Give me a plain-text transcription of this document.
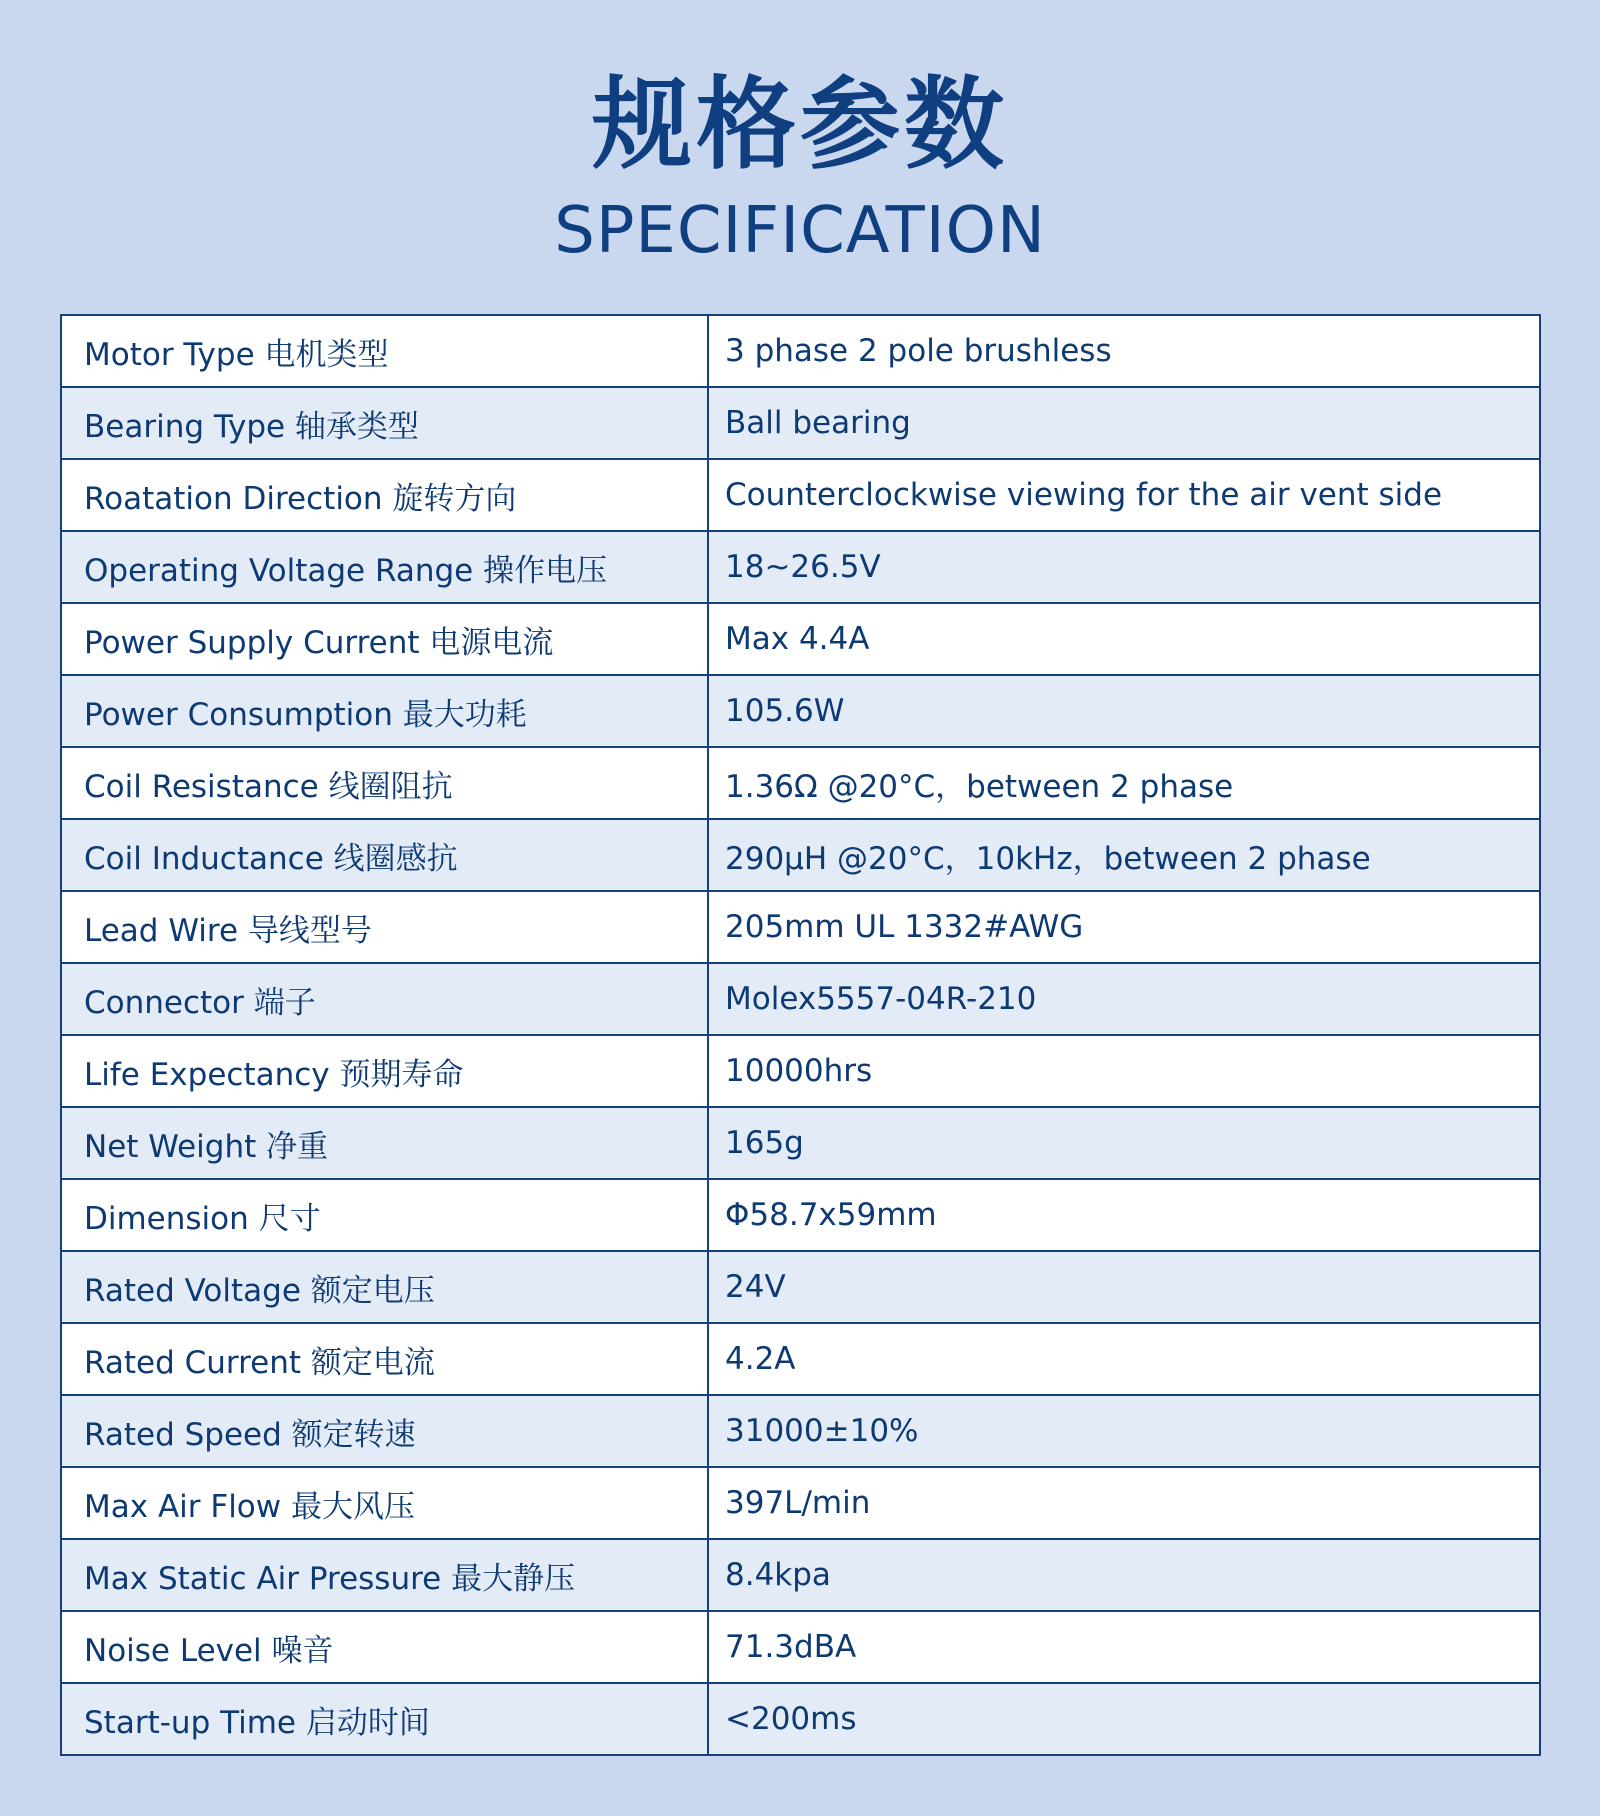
规格参数
SPECIFICATION
Motor Type 电机类型	3 phase 2 pole brushless
Bearing Type 轴承类型	Ball bearing
Roatation Direction 旋转方向	Counterclockwise viewing for the air vent side
Operating Voltage Range 操作电压	18~26.5V
Power Supply Current 电源电流	Max 4.4A
Power Consumption 最大功耗	105.6W
Coil Resistance 线圈阻抗	1.36Ω @20°C，between 2 phase
Coil Inductance 线圈感抗	290μH @20°C，10kHz，between 2 phase
Lead Wire 导线型号	205mm UL 1332#AWG
Connector 端子	Molex5557-04R-210
Life Expectancy 预期寿命	10000hrs
Net Weight 净重	165g
Dimension 尺寸	Φ58.7x59mm
Rated Voltage 额定电压	24V
Rated Current 额定电流	4.2A
Rated Speed 额定转速	31000±10%
Max Air Flow 最大风压	397L/min
Max Static Air Pressure 最大静压	8.4kpa
Noise Level 噪音	71.3dBA
Start-up Time 启动时间	<200ms
